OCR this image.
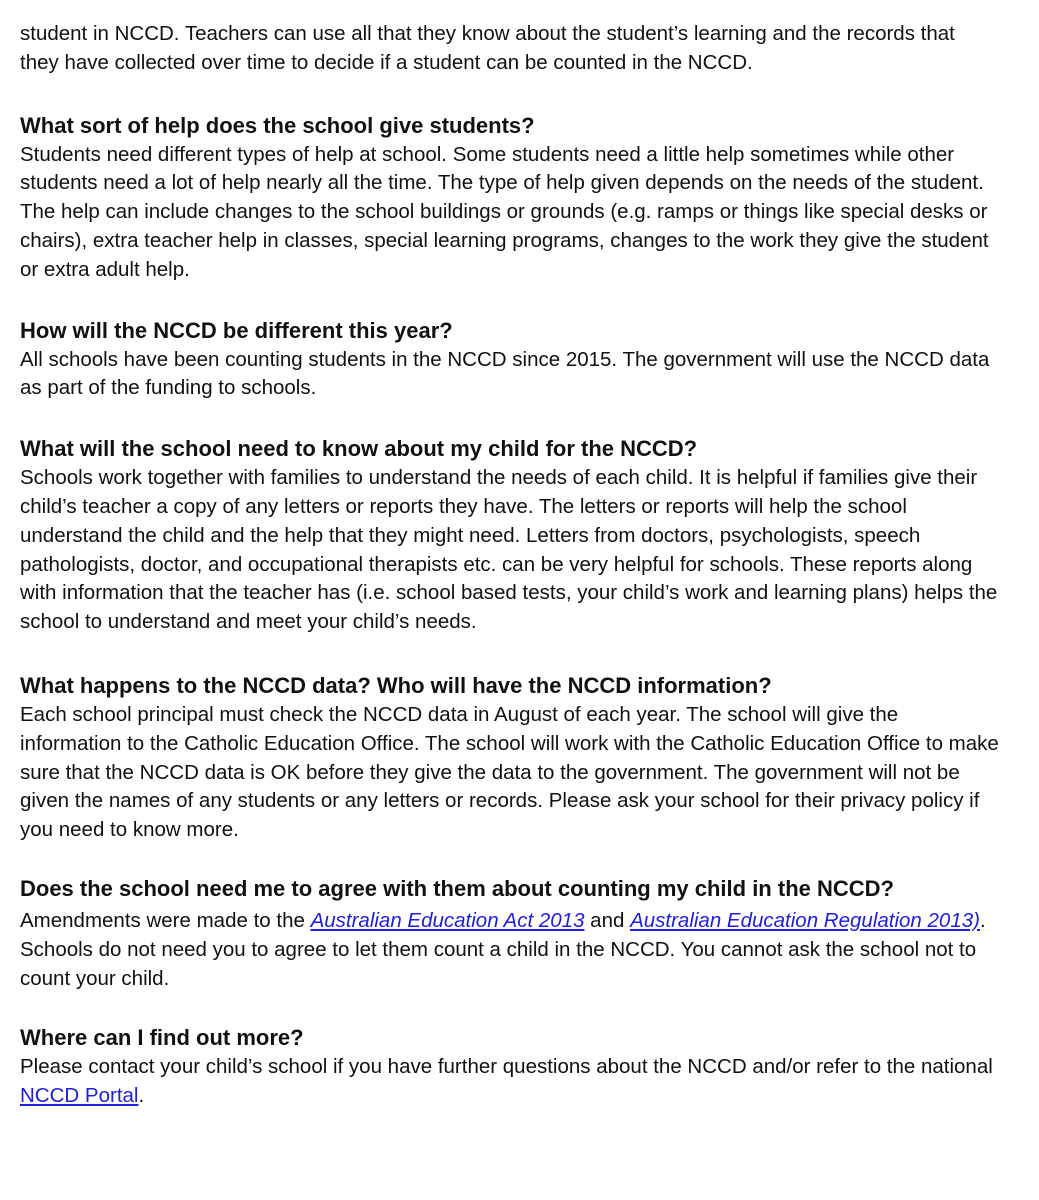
student in NCCD. Teachers can use all that they know about the student’s learning and the records that they have collected over time to decide if a student can be counted in the NCCD.

What sort of help does the school give students?

Students need different types of help at school. Some students need a little help sometimes while other students need a lot of help nearly all the time. The type of help given depends on the needs of the student. The help can include changes to the school buildings or grounds (e.g. ramps or things like special desks or chairs), extra teacher help in classes, special learning programs, changes to the work they give the student or extra adult help.

How will the NCCD be different this year?

All schools have been counting students in the NCCD since 2015. The government will use the NCCD data as part of the funding to schools.

What will the school need to know about my child for the NCCD?

Schools work together with families to understand the needs of each child. It is helpful if families give their child’s teacher a copy of any letters or reports they have. The letters or reports will help the school understand the child and the help that they might need. Letters from doctors, psychologists, speech pathologists, doctor, and occupational therapists etc. can be very helpful for schools. These reports along with information that the teacher has (i.e. school based tests, your child’s work and learning plans) helps the school to understand and meet your child’s needs.

What happens to the NCCD data? Who will have the NCCD information?

Each school principal must check the NCCD data in August of each year. The school will give the information to the Catholic Education Office. The school will work with the Catholic Education Office to make sure that the NCCD data is OK before they give the data to the government. The government will not be given the names of any students or any letters or records. Please ask your school for their privacy policy if you need to know more.

Does the school need me to agree with them about counting my child in the NCCD?

Amendments were made to the Australian Education Act 2013 and Australian Education Regulation 2013). Schools do not need you to agree to let them count a child in the NCCD. You cannot ask the school not to count your child.

Where can I find out more?

Please contact your child’s school if you have further questions about the NCCD and/or refer to the national NCCD Portal.
